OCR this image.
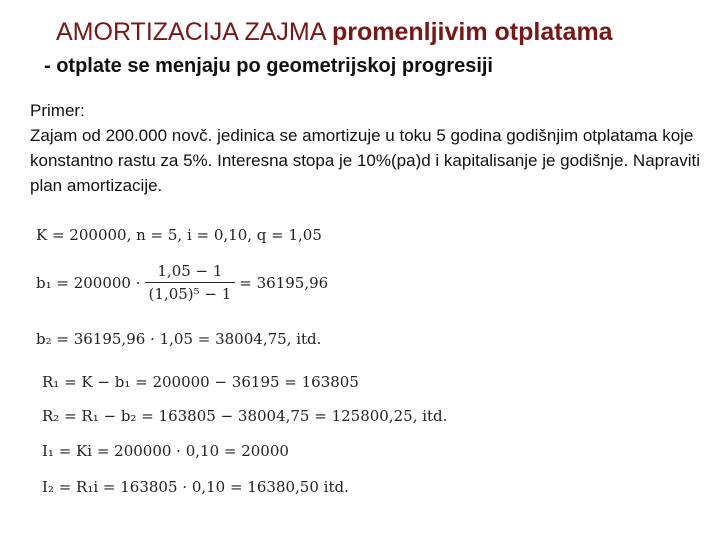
AMORTIZACIJA ZAJMA promenljivim otplatama
- otplate se menjaju po geometrijskoj progresiji
Primer:
Zajam od 200.000 novč. jedinica se amortizuje u toku 5 godina godišnjim otplatama koje konstantno rastu za 5%. Interesna stopa je 10%(pa)d i kapitalisanje je godišnje. Napraviti plan amortizacije.
K = 200000, n = 5, i = 0,10, q = 1,05
$b_1 = 200000 \cdot \frac{1,05 - 1}{\text{(1,05)⁵ − 1}} = 36195,96$
b₂ = 36195,96 · 1,05 = 38004,75, itd.
R₁ = K − b₁ = 200000 − 36195 = 163805
R₂ = R₁ − b₂ = 163805 − 38004,75 = 125800,25, itd.
I₁ = Ki = 200000 · 0,10 = 20000
I₂ = R₁i = 163805 · 0,10 = 16380,50 itd.
